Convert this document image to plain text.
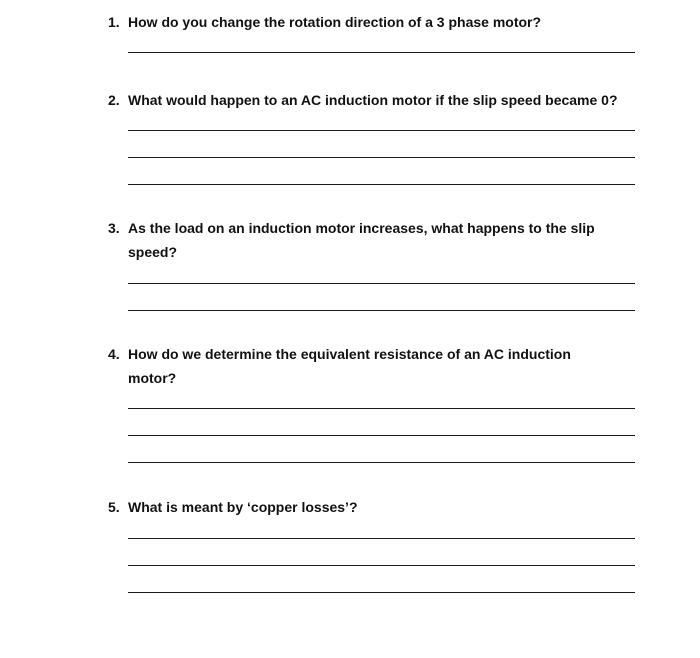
1. How do you change the rotation direction of a 3 phase motor?
2. What would happen to an AC induction motor if the slip speed became 0?
3. As the load on an induction motor increases, what happens to the slip speed?
4. How do we determine the equivalent resistance of an AC induction motor?
5. What is meant by ‘copper losses’?
